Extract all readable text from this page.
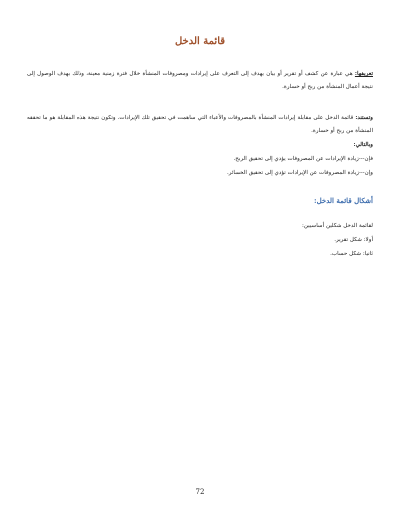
قائمة الدخل
تعريفها: هي عبارة عن كشف أو تقرير أو بيان يهدف إلى التعرف على إيرادات ومصروفات المنشأة خلال فترة زمنية معينة، وذلك بهدف الوصول إلى نتيجة أعمال المنشأة من ربح أو خسارة.
وتستند: قائمة الدخل على مقابلة إيرادات المنشأة بالمصروفات والأعباء التي ساهمت في تحقيق تلك الإيرادات. وتكون نتيجة هذه المقابلة هو ما تحققه المنشأة من ربح أو خسارة.
وبالتالي:
فإن---زيادة الإيرادات عن المصروفات يؤدي إلى تحقيق الربح.
وإن---زيادة المصروفات عن الإيرادات تؤدي إلى تحقيق الخسائر.
أشكال قائمة الدخل:
لقائمة الدخل شكلين أساسيين:
أولا: شكل تقرير.
ثانيا: شكل حساب.
72
